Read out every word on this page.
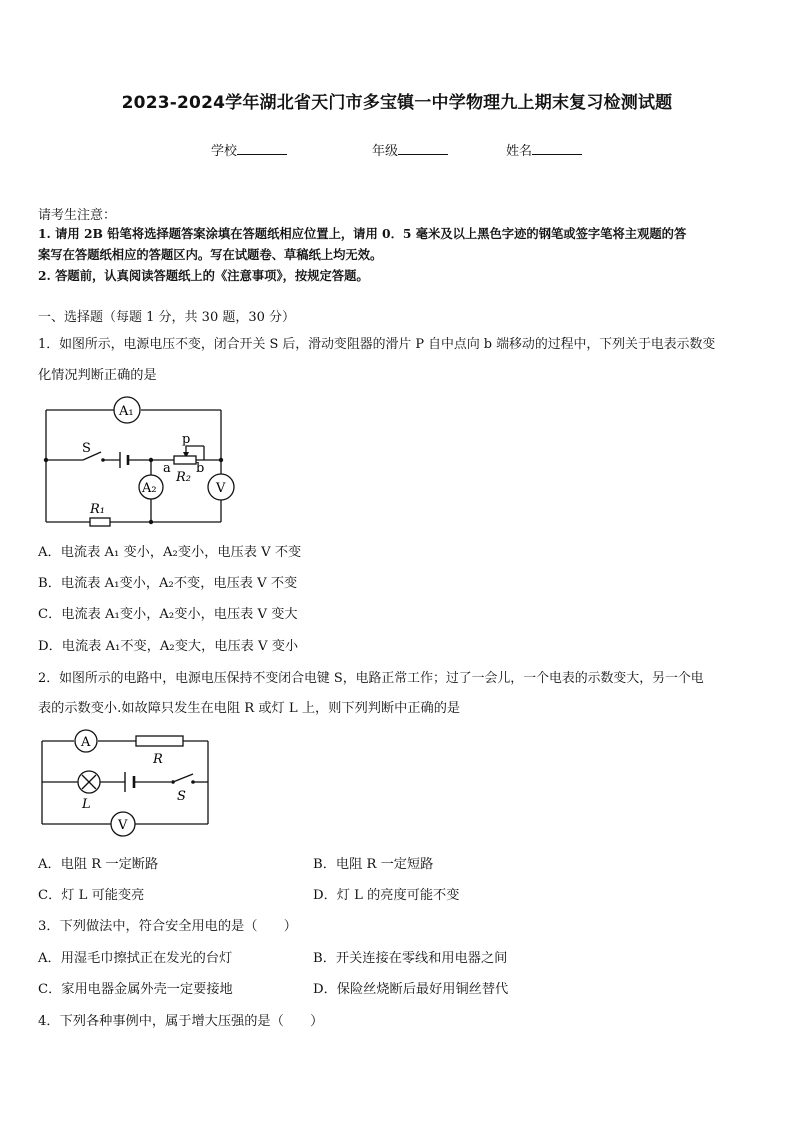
2023-2024学年湖北省天门市多宝镇一中学物理九上期末复习检测试题
学校	年级	姓名
请考生注意：
1. 请用 2B 铅笔将选择题答案涂填在答题纸相应位置上，请用 0．5 毫米及以上黑色字迹的钢笔或签字笔将主观题的答
案写在答题纸相应的答题区内。写在试题卷、草稿纸上均无效。
2. 答题前，认真阅读答题纸上的《注意事项》，按规定答题。
一、选择题（每题 1 分，共 30 题，30 分）
1．如图所示，电源电压不变，闭合开关 S 后，滑动变阻器的滑片 P 自中点向 b 端移动的过程中，下列关于电表示数变
化情况判断正确的是
A₁
A₂	V
S
p
a b
R₂
R₁
A．电流表 A₁ 变小，A₂变小，电压表 V 不变
B．电流表 A₁变小，A₂不变，电压表 V 不变
C．电流表 A₁变小，A₂变小，电压表 V 变大
D．电流表 A₁不变，A₂变大，电压表 V 变小
2．如图所示的电路中，电源电压保持不变闭合电键 S，电路正常工作；过了一会儿，一个电表的示数变大，另一个电
表的示数变小.如故障只发生在电阻 R 或灯 L 上，则下列判断中正确的是
A
R
L
S
V
A．电阻 R 一定断路	B．电阻 R 一定短路
C．灯 L 可能变亮	D．灯 L 的亮度可能不变
3．下列做法中，符合安全用电的是（　　）
A．用湿毛巾擦拭正在发光的台灯	B．开关连接在零线和用电器之间
C．家用电器金属外壳一定要接地	D．保险丝烧断后最好用铜丝替代
4．下列各种事例中，属于增大压强的是（　　）
